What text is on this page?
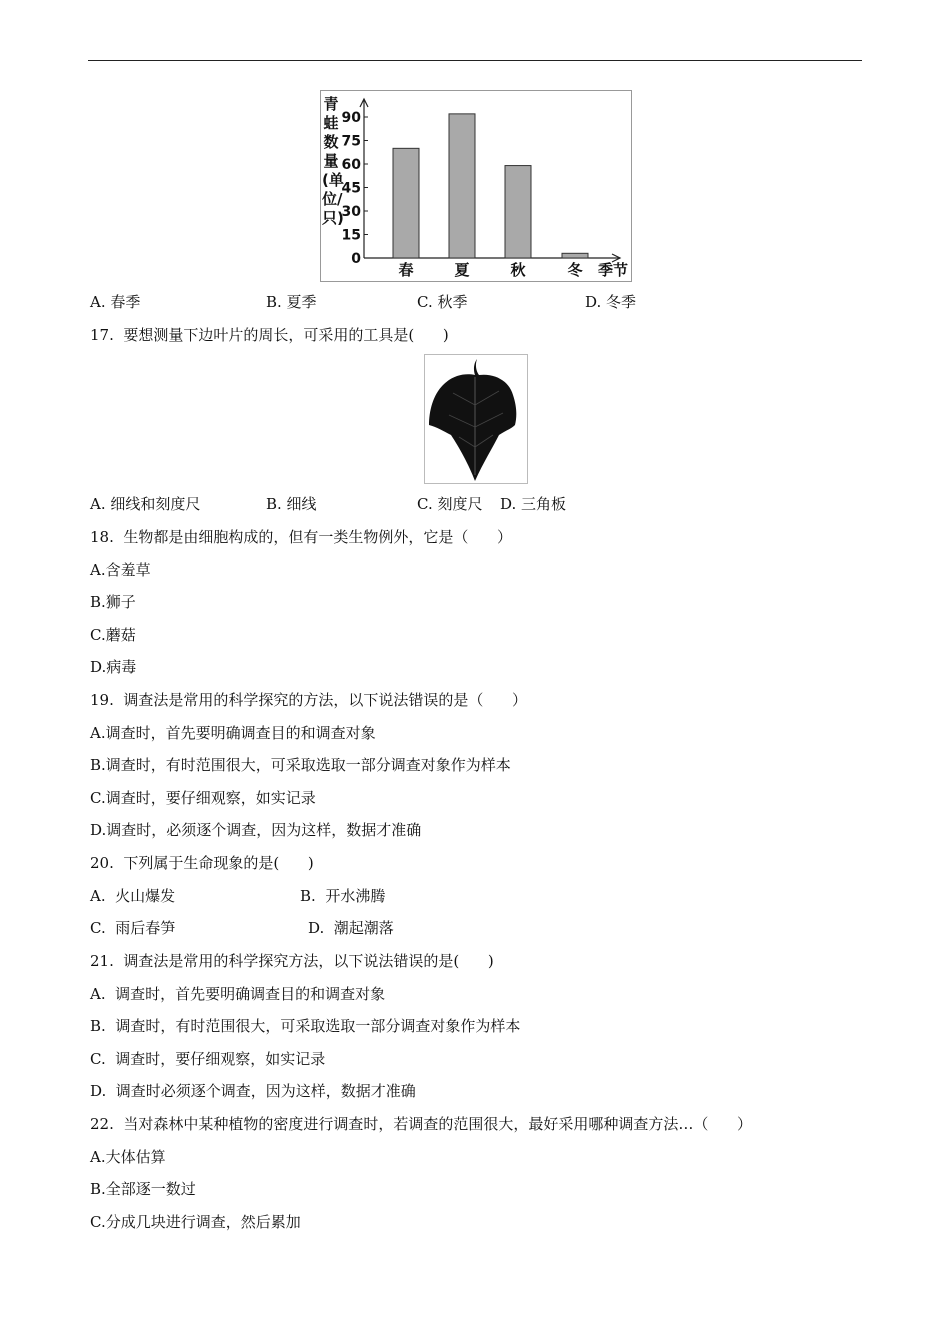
青蛙数量(单位/只)
0
15
30
45
60
75
90
春	夏	秋	冬 季节
A. 春季	B. 夏季	C. 秋季	D. 冬季
17.  要想测量下边叶片的周长，可采用的工具是(      )
A. 细线和刻度尺	B. 细线	C. 刻度尺 D. 三角板
18.  生物都是由细胞构成的，但有一类生物例外，它是（      ）
A.含羞草
B.狮子
C.蘑菇
D.病毒
19.  调查法是常用的科学探究的方法，以下说法错误的是（      ）
A.调查时，首先要明确调查目的和调查对象
B.调查时，有时范围很大，可采取选取一部分调查对象作为样本
C.调查时，要仔细观察，如实记录
D.调查时，必须逐个调查，因为这样，数据才准确
20.  下列属于生命现象的是(      )
A.  火山爆发	B.  开水沸腾
C.  雨后春笋	D.  潮起潮落
21.  调查法是常用的科学探究方法，以下说法错误的是(      )
A.  调查时，首先要明确调查目的和调查对象
B.  调查时，有时范围很大，可采取选取一部分调查对象作为样本
C.  调查时，要仔细观察，如实记录
D.  调查时必须逐个调查，因为这样，数据才准确
22.  当对森林中某种植物的密度进行调查时，若调查的范围很大，最好采用哪种调查方法…（      ）
A.大体估算
B.全部逐一数过
C.分成几块进行调查，然后累加
